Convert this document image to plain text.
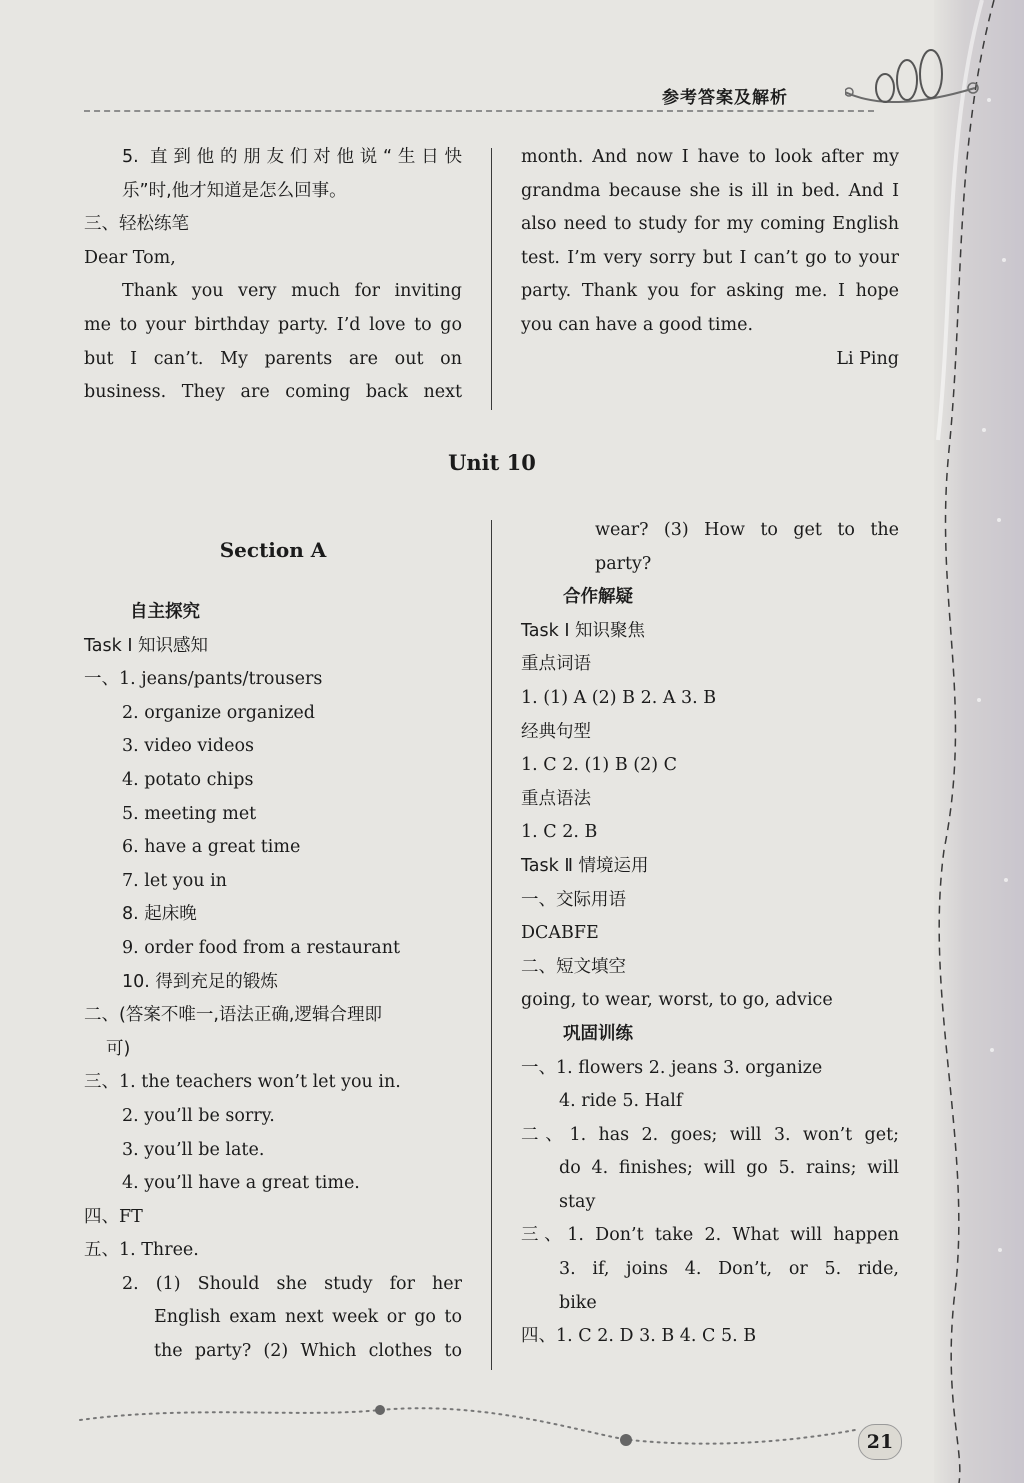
参考答案及解析

5. 直到他的朋友们对他说“生日快

乐”时,他才知道是怎么回事。

三、轻松练笔

Dear Tom,

Thank you very much for inviting

me to your birthday party. I’d love to go

but I can’t. My parents are out on

business. They are coming back next

month. And now I have to look after my

grandma because she is ill in bed. And I

also need to study for my coming English

test. I’m very sorry but I can’t go to your

party. Thank you for asking me. I hope

you can have a good time.

Li Ping

Unit 10
Section A

自主探究

Task Ⅰ 知识感知

一、1. jeans/pants/trousers

2. organize organized

3. video videos

4. potato chips

5. meeting met

6. have a great time

7. let you in

8. 起床晚

9. order food from a restaurant

10. 得到充足的锻炼

二、(答案不唯一,语法正确,逻辑合理即

可)

三、1. the teachers won’t let you in.

2. you’ll be sorry.

3. you’ll be late.

4. you’ll have a great time.

四、FT

五、1. Three.

2. (1) Should she study for her

English exam next week or go to

the party? (2) Which clothes to

wear? (3) How to get to the

party?

合作解疑

Task Ⅰ 知识聚焦

重点词语

1. (1) A (2) B 2. A 3. B

经典句型

1. C 2. (1) B (2) C

重点语法

1. C 2. B

Task Ⅱ 情境运用

一、交际用语

DCABFE

二、短文填空

going, to wear, worst, to go, advice

巩固训练

一、1. flowers 2. jeans 3. organize

4. ride 5. Half

二、1. has 2. goes; will 3. won’t get;

do 4. finishes; will go 5. rains; will

stay

三、1. Don’t take 2. What will happen

3. if, joins 4. Don’t, or 5. ride,

bike

四、1. C 2. D 3. B 4. C 5. B

21
